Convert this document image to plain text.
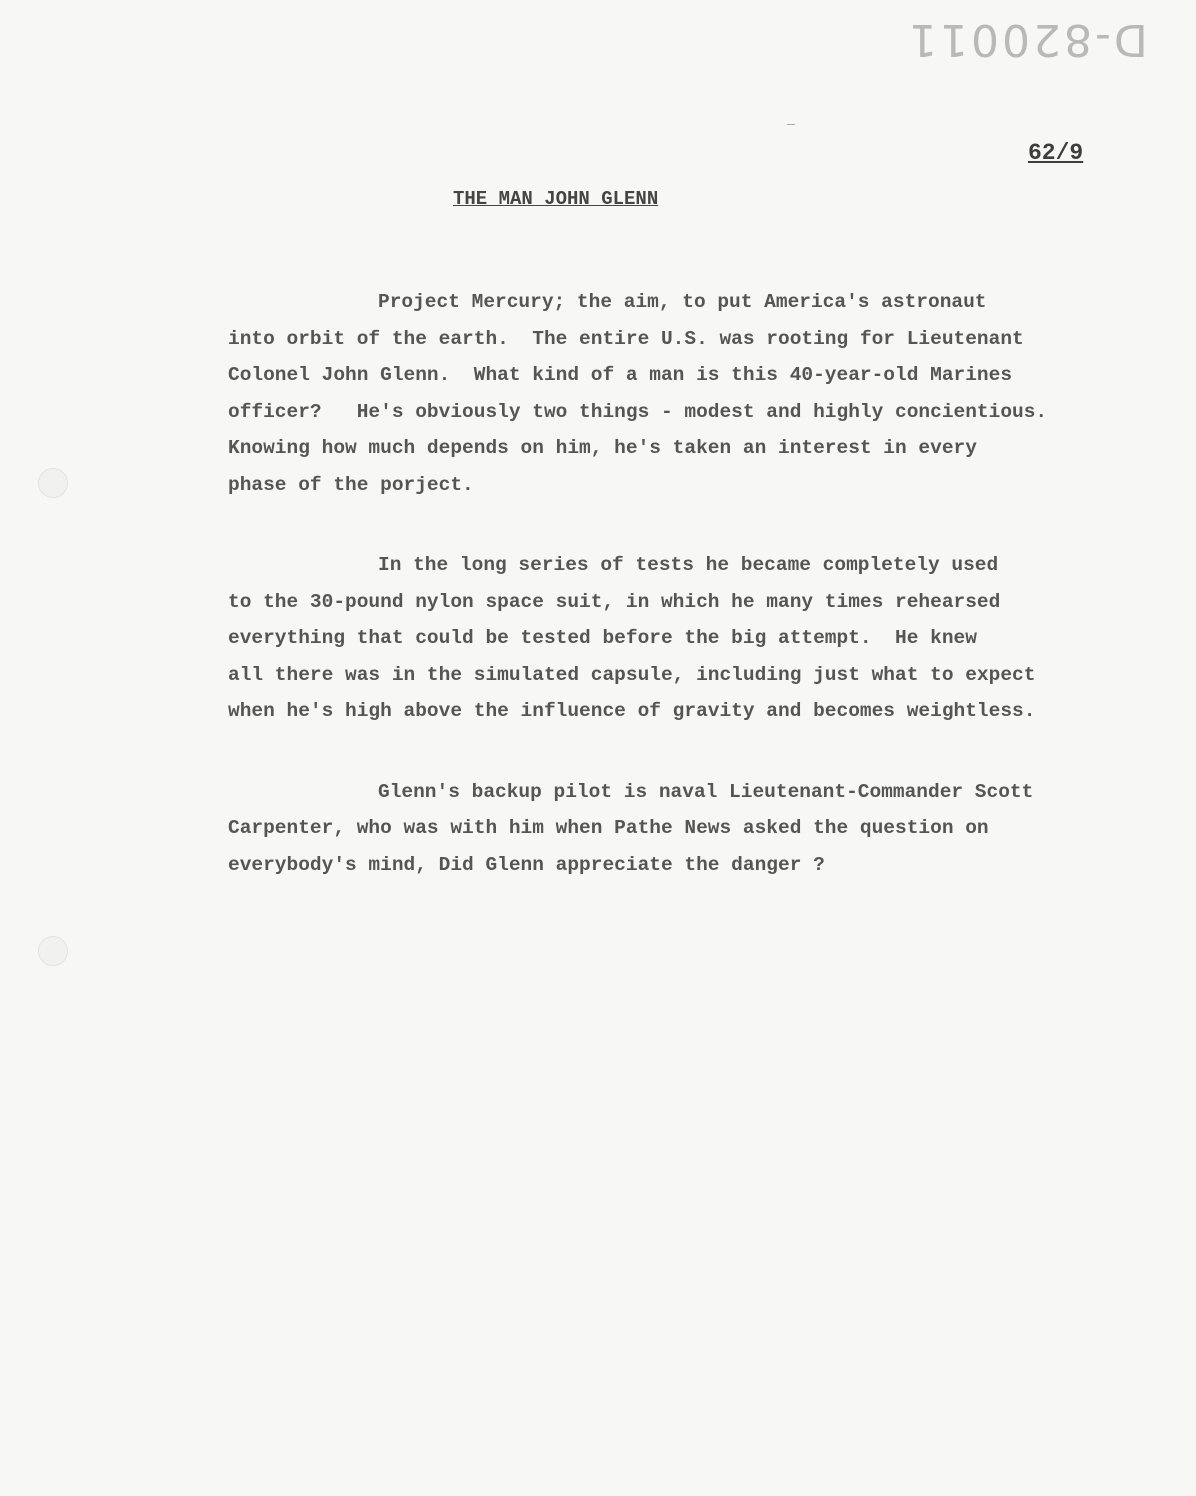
D-820011
62/9
THE MAN JOHN GLENN
Project Mercury; the aim, to put America's astronaut
into orbit of the earth.  The entire U.S. was rooting for Lieutenant
Colonel John Glenn.  What kind of a man is this 40-year-old Marines
officer?   He's obviously two things - modest and highly concientious.
Knowing how much depends on him, he's taken an interest in every
phase of the porject.
In the long series of tests he became completely used
to the 30-pound nylon space suit, in which he many times rehearsed
everything that could be tested before the big attempt.  He knew
all there was in the simulated capsule, including just what to expect
when he's high above the influence of gravity and becomes weightless.
Glenn's backup pilot is naval Lieutenant-Commander Scott
Carpenter, who was with him when Pathe News asked the question on
everybody's mind, Did Glenn appreciate the danger ?
